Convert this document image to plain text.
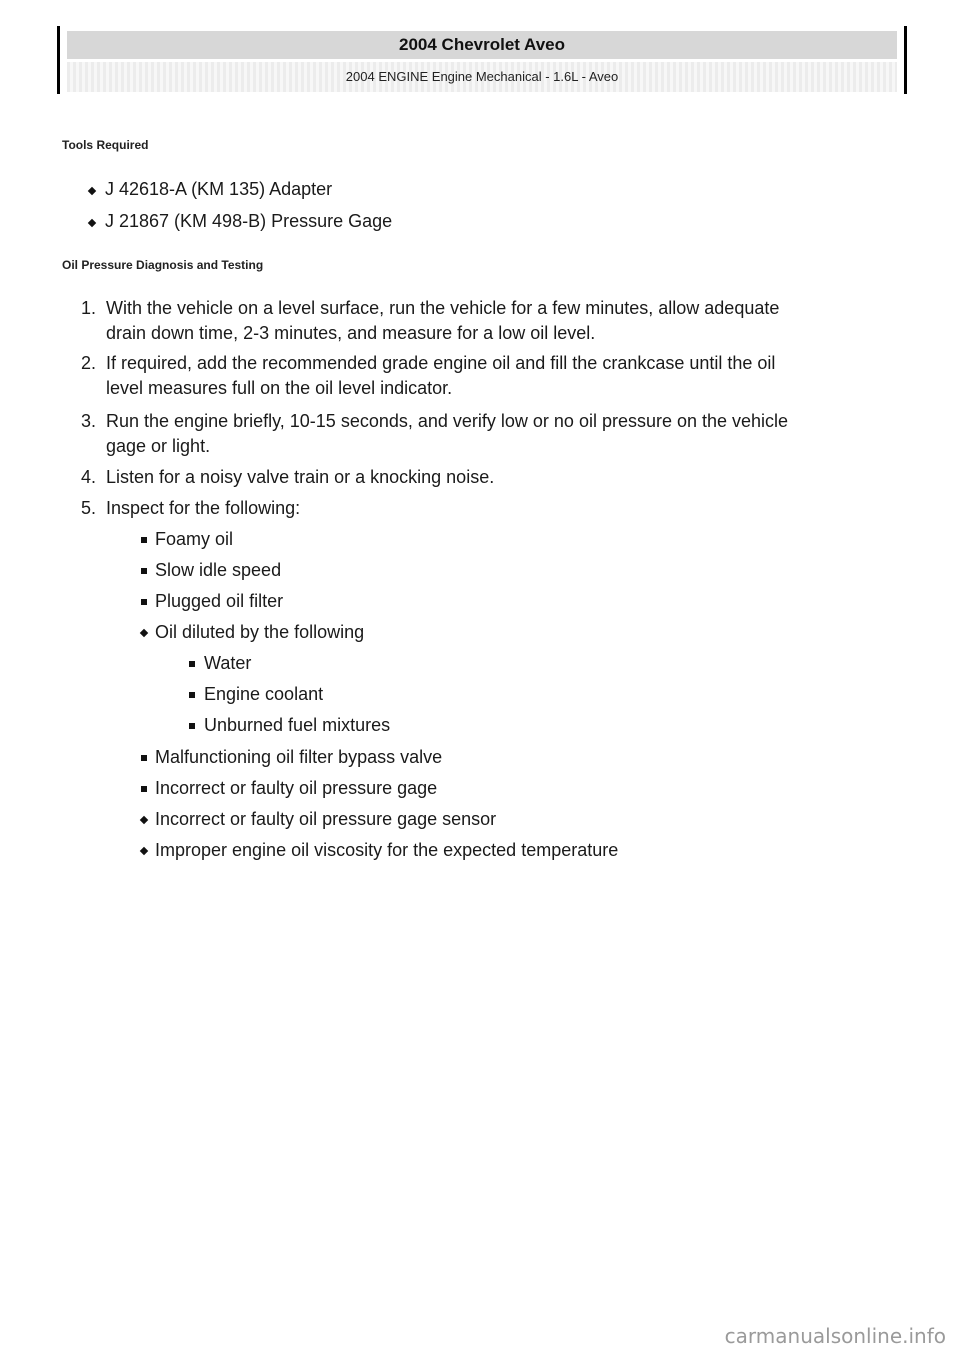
2004 Chevrolet Aveo
2004 ENGINE Engine Mechanical - 1.6L - Aveo
Tools Required
J 42618-A (KM 135) Adapter
J 21867 (KM 498-B) Pressure Gage
Oil Pressure Diagnosis and Testing
1. With the vehicle on a level surface, run the vehicle for a few minutes, allow adequate
drain down time, 2-3 minutes, and measure for a low oil level.
2. If required, add the recommended grade engine oil and fill the crankcase until the oil
level measures full on the oil level indicator.
3. Run the engine briefly, 10-15 seconds, and verify low or no oil pressure on the vehicle
gage or light.
4. Listen for a noisy valve train or a knocking noise.
5. Inspect for the following:
Foamy oil
Slow idle speed
Plugged oil filter
Oil diluted by the following
Water
Engine coolant
Unburned fuel mixtures
Malfunctioning oil filter bypass valve
Incorrect or faulty oil pressure gage
Incorrect or faulty oil pressure gage sensor
Improper engine oil viscosity for the expected temperature
carmanualsonline.info
